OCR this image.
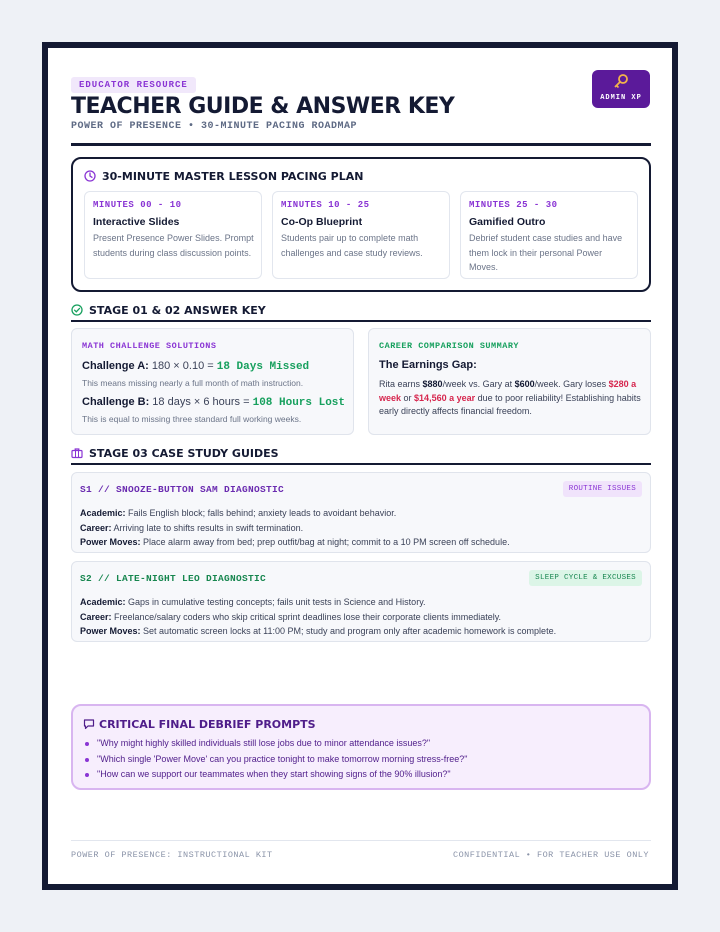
EDUCATOR RESOURCE
TEACHER GUIDE & ANSWER KEY
POWER OF PRESENCE • 30-MINUTE PACING ROADMAP
ADMIN XP
30-MINUTE MASTER LESSON PACING PLAN
MINUTES 00 - 10
Interactive Slides
Present Presence Power Slides. Prompt students during class discussion points.
MINUTES 10 - 25
Co-Op Blueprint
Students pair up to complete math challenges and case study reviews.
MINUTES 25 - 30
Gamified Outro
Debrief student case studies and have them lock in their personal Power Moves.
STAGE 01 & 02 ANSWER KEY
MATH CHALLENGE SOLUTIONS
Challenge A: 180 × 0.10 = 18 Days Missed
This means missing nearly a full month of math instruction.
Challenge B: 18 days × 6 hours = 108 Hours Lost
This is equal to missing three standard full working weeks.
CAREER COMPARISON SUMMARY
The Earnings Gap:
Rita earns $880/week vs. Gary at $600/week. Gary loses $280 a week or $14,560 a year due to poor reliability! Establishing habits early directly affects financial freedom.
STAGE 03 CASE STUDY GUIDES
S1 // SNOOZE-BUTTON SAM DIAGNOSTIC	ROUTINE ISSUES
Academic: Fails English block; falls behind; anxiety leads to avoidant behavior.
Career: Arriving late to shifts results in swift termination.
Power Moves: Place alarm away from bed; prep outfit/bag at night; commit to a 10 PM screen off schedule.
S2 // LATE-NIGHT LEO DIAGNOSTIC	SLEEP CYCLE & EXCUSES
Academic: Gaps in cumulative testing concepts; fails unit tests in Science and History.
Career: Freelance/salary coders who skip critical sprint deadlines lose their corporate clients immediately.
Power Moves: Set automatic screen locks at 11:00 PM; study and program only after academic homework is complete.
CRITICAL FINAL DEBRIEF PROMPTS
"Why might highly skilled individuals still lose jobs due to minor attendance issues?"
"Which single 'Power Move' can you practice tonight to make tomorrow morning stress-free?"
"How can we support our teammates when they start showing signs of the 90% illusion?"
POWER OF PRESENCE: INSTRUCTIONAL KIT	CONFIDENTIAL • FOR TEACHER USE ONLY
